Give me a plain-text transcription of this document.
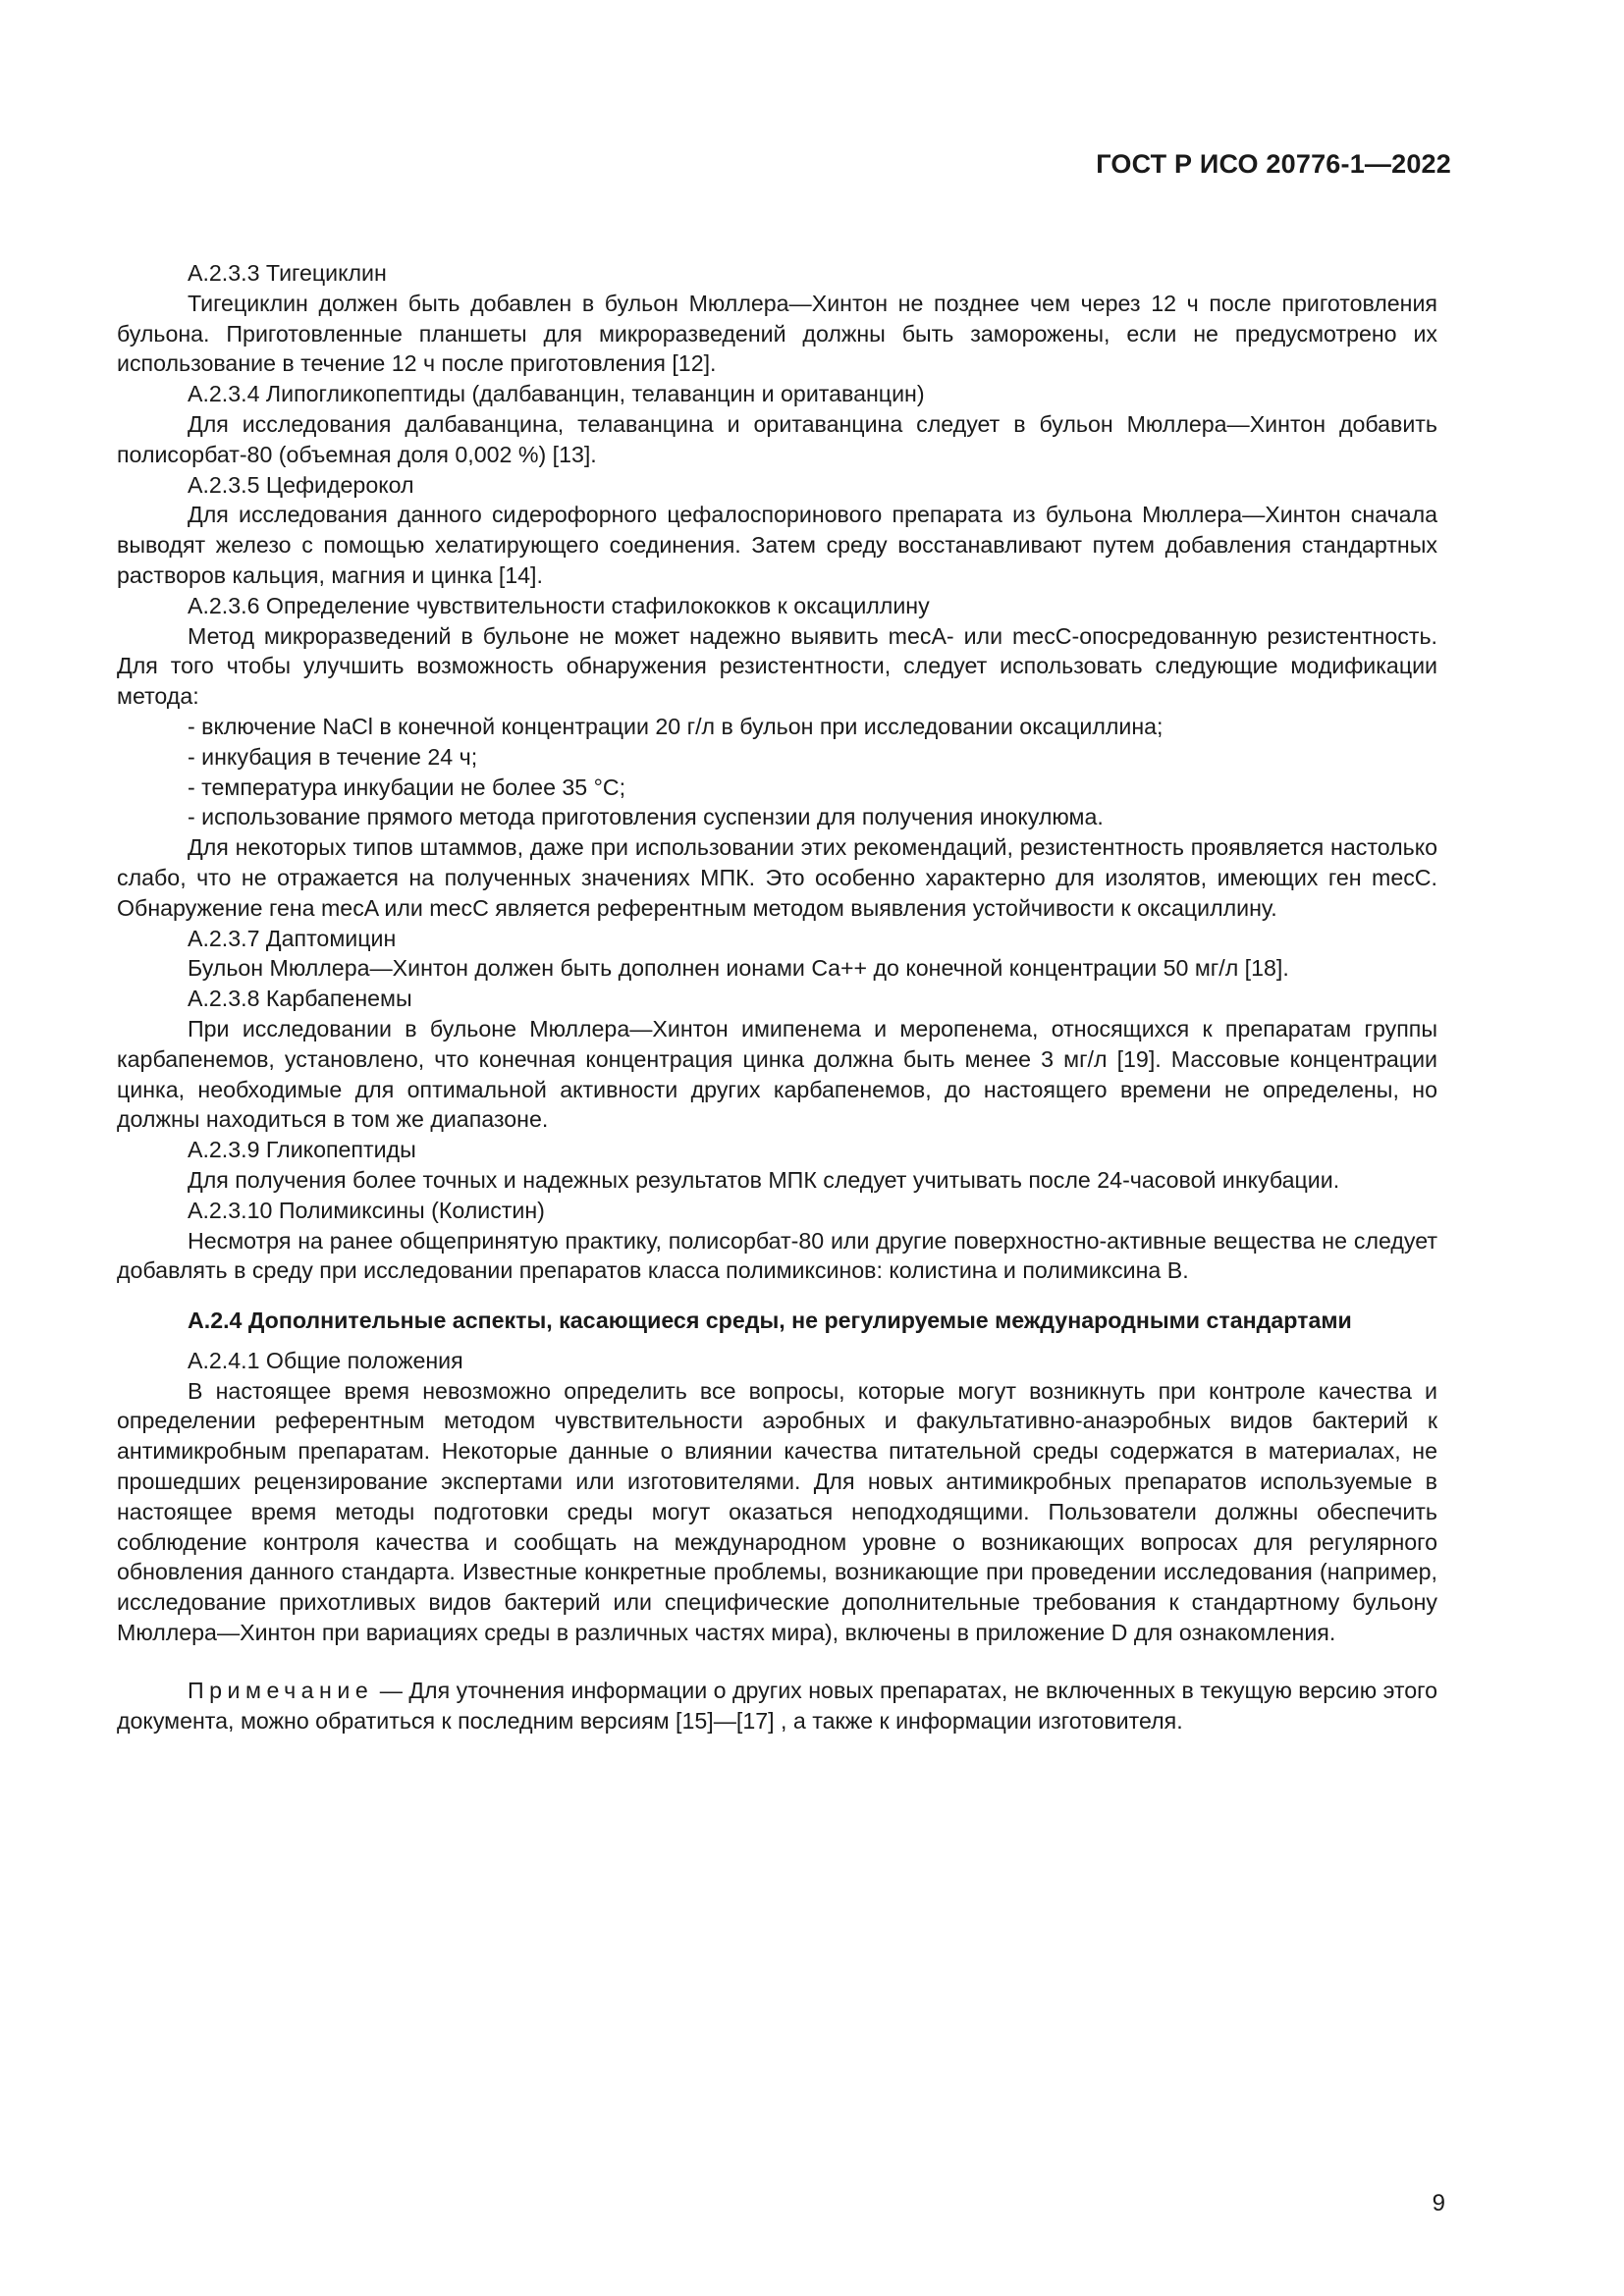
ГОСТ Р ИСО 20776-1—2022

А.2.3.3 Тигециклин

Тигециклин должен быть добавлен в бульон Мюллера—Хинтон не позднее чем через 12 ч после приготовления бульона. Приготовленные планшеты для микроразведений должны быть заморожены, если не предусмотрено их использование в течение 12 ч после приготовления [12].

А.2.3.4 Липогликопептиды (далбаванцин, телаванцин и оритаванцин)

Для исследования далбаванцина, телаванцина и оритаванцина следует в бульон Мюллера—Хинтон добавить полисорбат-80 (объемная доля 0,002 %) [13].

А.2.3.5 Цефидерокол

Для исследования данного сидерофорного цефалоспоринового препарата из бульона Мюллера—Хинтон сначала выводят железо с помощью хелатирующего соединения. Затем среду восстанавливают путем добавления стандартных растворов кальция, магния и цинка [14].

А.2.3.6 Определение чувствительности стафилококков к оксациллину

Метод микроразведений в бульоне не может надежно выявить mecA- или mecC-опосредованную резистентность. Для того чтобы улучшить возможность обнаружения резистентности, следует использовать следующие модификации метода:

- включение NaCl в конечной концентрации 20 г/л в бульон при исследовании оксациллина;

- инкубация в течение 24 ч;

- температура инкубации не более 35 °C;

- использование прямого метода приготовления суспензии для получения инокулюма.

Для некоторых типов штаммов, даже при использовании этих рекомендаций, резистентность проявляется настолько слабо, что не отражается на полученных значениях МПК. Это особенно характерно для изолятов, имеющих ген mecC. Обнаружение гена mecA или mecC является референтным методом выявления устойчивости к оксациллину.

А.2.3.7 Даптомицин

Бульон Мюллера—Хинтон должен быть дополнен ионами Ca++ до конечной концентрации 50 мг/л [18].

А.2.3.8 Карбапенемы

При исследовании в бульоне Мюллера—Хинтон имипенема и меропенема, относящихся к препаратам группы карбапенемов, установлено, что конечная концентрация цинка должна быть менее 3 мг/л [19]. Массовые концентрации цинка, необходимые для оптимальной активности других карбапенемов, до настоящего времени не определены, но должны находиться в том же диапазоне.

А.2.3.9 Гликопептиды

Для получения более точных и надежных результатов МПК следует учитывать после 24-часовой инкубации.

А.2.3.10 Полимиксины (Колистин)

Несмотря на ранее общепринятую практику, полисорбат-80 или другие поверхностно-активные вещества не следует добавлять в среду при исследовании препаратов класса полимиксинов: колистина и полимиксина B.

А.2.4 Дополнительные аспекты, касающиеся среды, не регулируемые международными стандартами

А.2.4.1 Общие положения

В настоящее время невозможно определить все вопросы, которые могут возникнуть при контроле качества и определении референтным методом чувствительности аэробных и факультативно-анаэробных видов бактерий к антимикробным препаратам. Некоторые данные о влиянии качества питательной среды содержатся в материалах, не прошедших рецензирование экспертами или изготовителями. Для новых антимикробных препаратов используемые в настоящее время методы подготовки среды могут оказаться неподходящими. Пользователи должны обеспечить соблюдение контроля качества и сообщать на международном уровне о возникающих вопросах для регулярного обновления данного стандарта. Известные конкретные проблемы, возникающие при проведении исследования (например, исследование прихотливых видов бактерий или специфические дополнительные требования к стандартному бульону Мюллера—Хинтон при вариациях среды в различных частях мира), включены в приложение D для ознакомления.

Примечание — Для уточнения информации о других новых препаратах, не включенных в текущую версию этого документа, можно обратиться к последним версиям [15]—[17] , а также к информации изготовителя.

9
